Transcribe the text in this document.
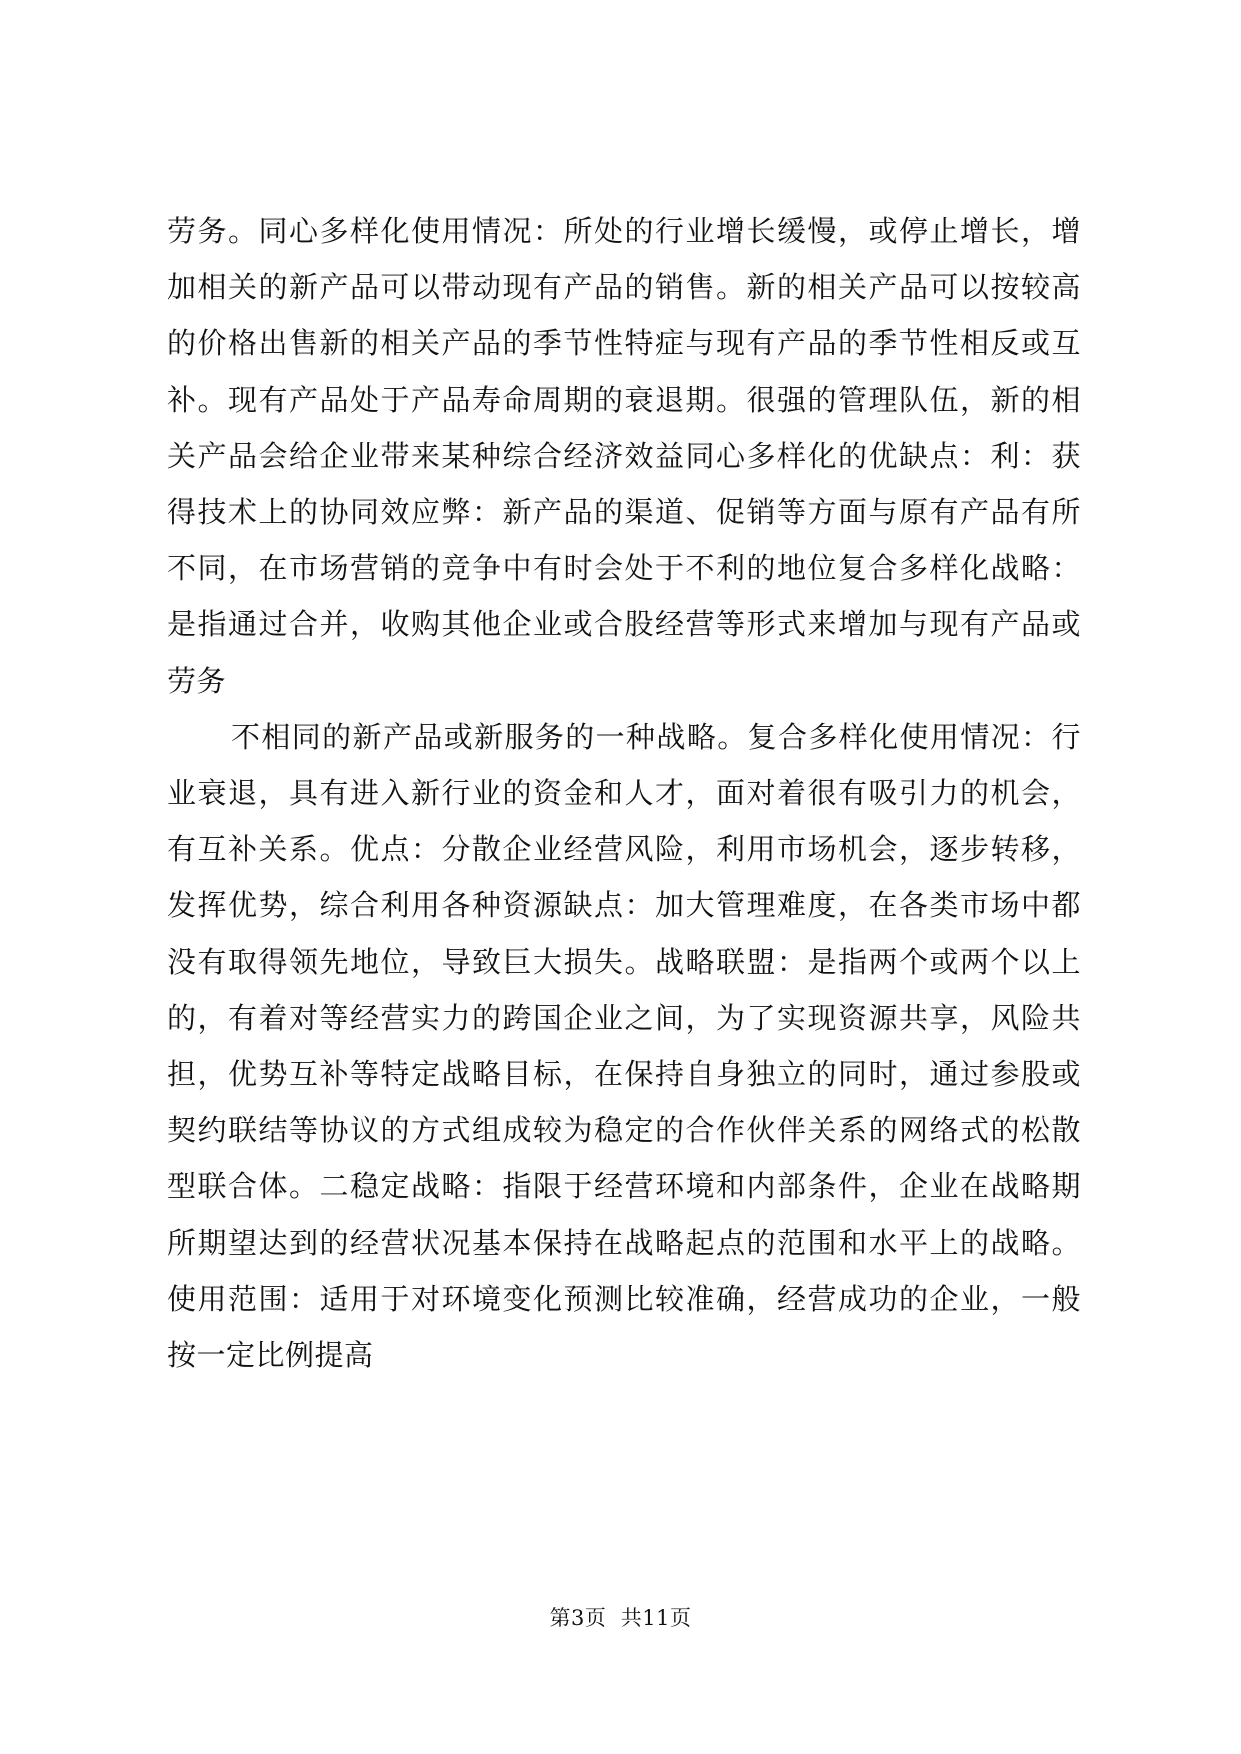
劳务。同心多样化使用情况：所处的行业增长缓慢，或停止增长，增加相关的新产品可以带动现有产品的销售。新的相关产品可以按较高的价格出售新的相关产品的季节性特症与现有产品的季节性相反或互补。现有产品处于产品寿命周期的衰退期。很强的管理队伍，新的相关产品会给企业带来某种综合经济效益同心多样化的优缺点：利：获得技术上的协同效应弊：新产品的渠道、促销等方面与原有产品有所不同，在市场营销的竞争中有时会处于不利的地位复合多样化战略：是指通过合并，收购其他企业或合股经营等形式来增加与现有产品或劳务

不相同的新产品或新服务的一种战略。复合多样化使用情况：行业衰退，具有进入新行业的资金和人才，面对着很有吸引力的机会，有互补关系。优点：分散企业经营风险，利用市场机会，逐步转移，发挥优势，综合利用各种资源缺点：加大管理难度，在各类市场中都没有取得领先地位，导致巨大损失。战略联盟：是指两个或两个以上的，有着对等经营实力的跨国企业之间，为了实现资源共享，风险共担，优势互补等特定战略目标，在保持自身独立的同时，通过参股或契约联结等协议的方式组成较为稳定的合作伙伴关系的网络式的松散型联合体。二稳定战略：指限于经营环境和内部条件，企业在战略期所期望达到的经营状况基本保持在战略起点的范围和水平上的战略。使用范围：适用于对环境变化预测比较准确，经营成功的企业，一般按一定比例提高

第3页  共11页
